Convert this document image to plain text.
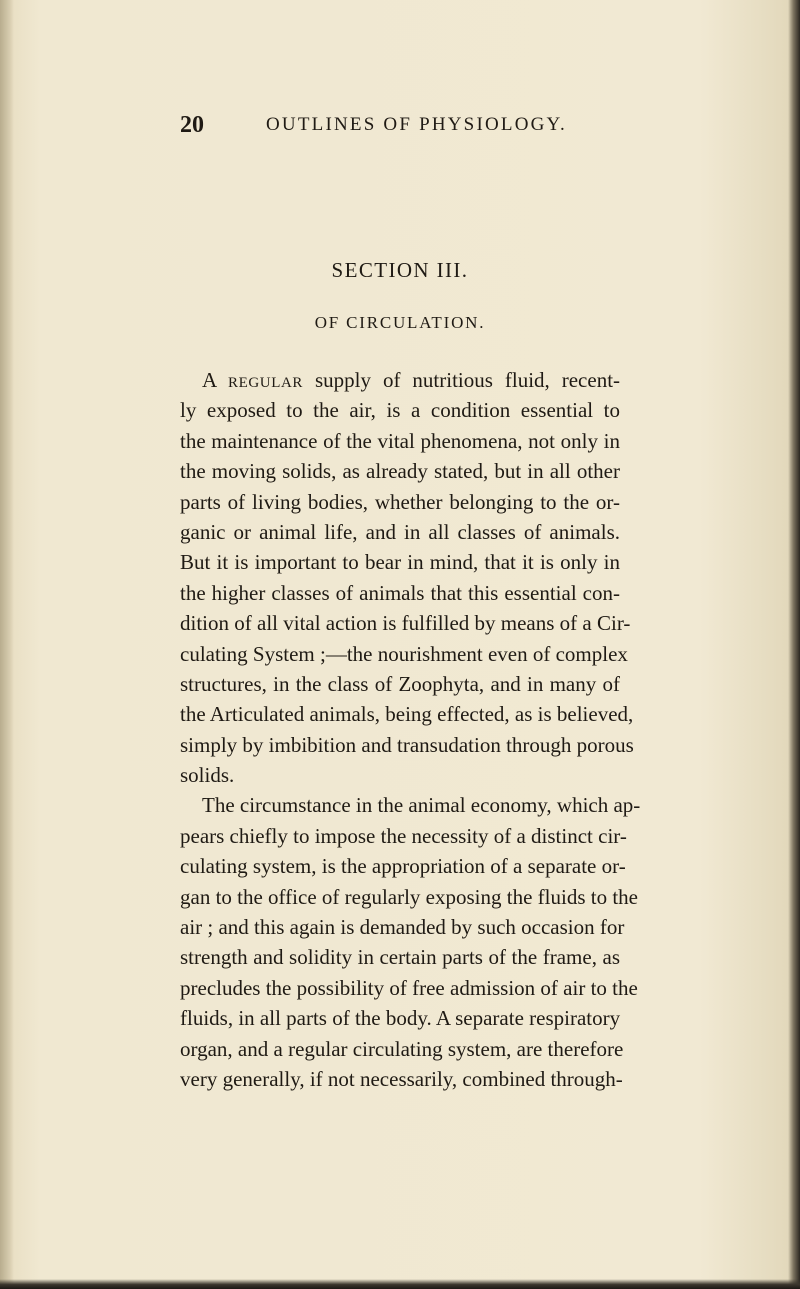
20	OUTLINES OF PHYSIOLOGY.
SECTION III.
OF CIRCULATION.
A regular supply of nutritious fluid, recent-
ly exposed to the air, is a condition essential to
the maintenance of the vital phenomena, not only in
the moving solids, as already stated, but in all other
parts of living bodies, whether belonging to the or-
ganic or animal life, and in all classes of animals.
But it is important to bear in mind, that it is only in
the higher classes of animals that this essential con-
dition of all vital action is fulfilled by means of a Cir-
culating System ;—the nourishment even of complex
structures, in the class of Zoophyta, and in many of
the Articulated animals, being effected, as is believed,
simply by imbibition and transudation through porous
solids.
The circumstance in the animal economy, which ap-
pears chiefly to impose the necessity of a distinct cir-
culating system, is the appropriation of a separate or-
gan to the office of regularly exposing the fluids to the
air ; and this again is demanded by such occasion for
strength and solidity in certain parts of the frame, as
precludes the possibility of free admission of air to the
fluids, in all parts of the body. A separate respiratory
organ, and a regular circulating system, are therefore
very generally, if not necessarily, combined through-
